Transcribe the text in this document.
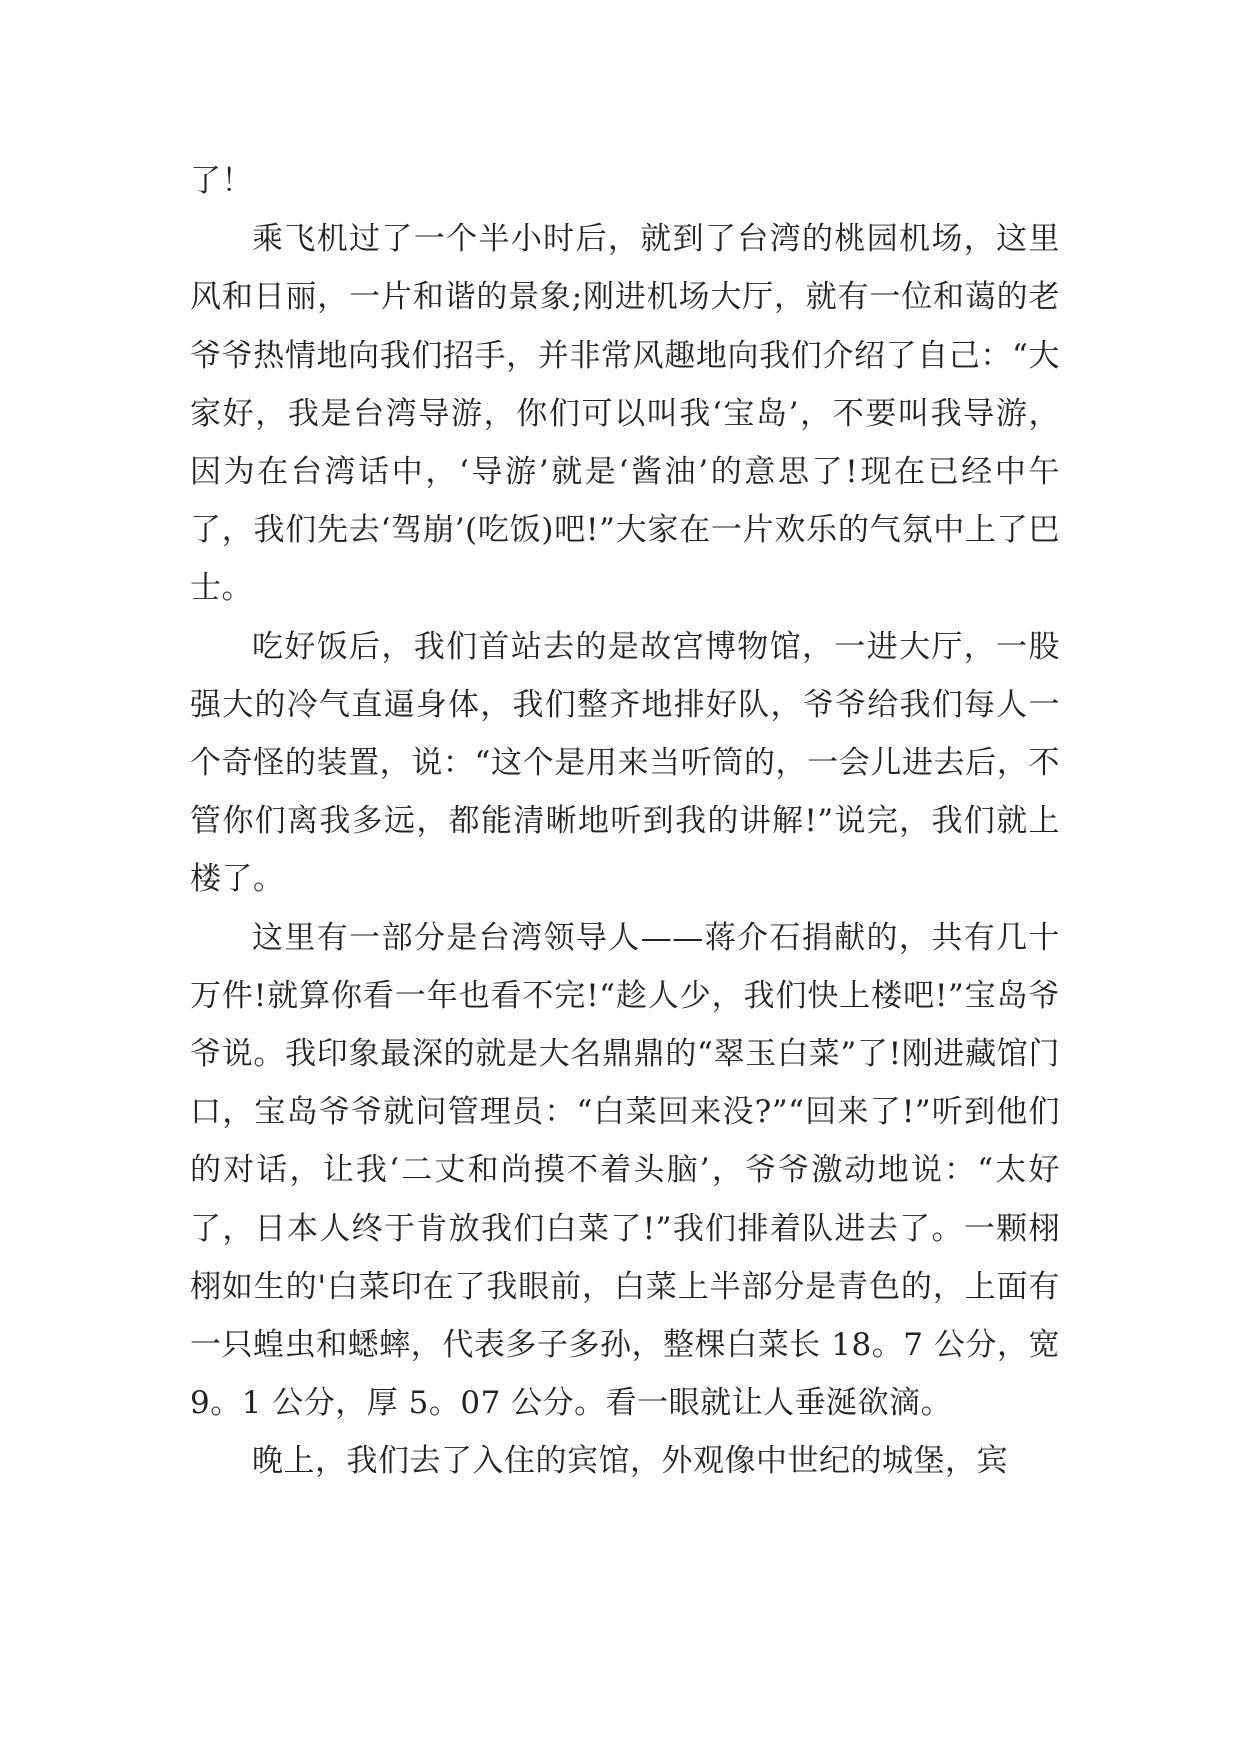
了！

乘飞机过了一个半小时后，就到了台湾的桃园机场，这里风和日丽，一片和谐的景象;刚进机场大厅，就有一位和蔼的老爷爷热情地向我们招手，并非常风趣地向我们介绍了自己：“大家好，我是台湾导游，你们可以叫我‘宝岛’，不要叫我导游，因为在台湾话中，‘导游’就是‘酱油’的意思了!现在已经中午了，我们先去‘驾崩’(吃饭)吧!”大家在一片欢乐的气氛中上了巴士。

吃好饭后，我们首站去的是故宫博物馆，一进大厅，一股强大的冷气直逼身体，我们整齐地排好队，爷爷给我们每人一个奇怪的装置，说：“这个是用来当听筒的，一会儿进去后，不管你们离我多远，都能清晰地听到我的讲解!”说完，我们就上楼了。

这里有一部分是台湾领导人——蒋介石捐献的，共有几十万件!就算你看一年也看不完!“趁人少，我们快上楼吧!”宝岛爷爷说。我印象最深的就是大名鼎鼎的“翠玉白菜”了!刚进藏馆门口，宝岛爷爷就问管理员：“白菜回来没?”“回来了!”听到他们的对话，让我‘二丈和尚摸不着头脑’，爷爷激动地说：“太好了，日本人终于肯放我们白菜了!”我们排着队进去了。一颗栩栩如生的'白菜印在了我眼前，白菜上半部分是青色的，上面有一只蝗虫和蟋蟀，代表多子多孙，整棵白菜长 18。7 公分，宽 9。1 公分，厚 5。07 公分。看一眼就让人垂涎欲滴。

晚上，我们去了入住的宾馆，外观像中世纪的城堡，宾
